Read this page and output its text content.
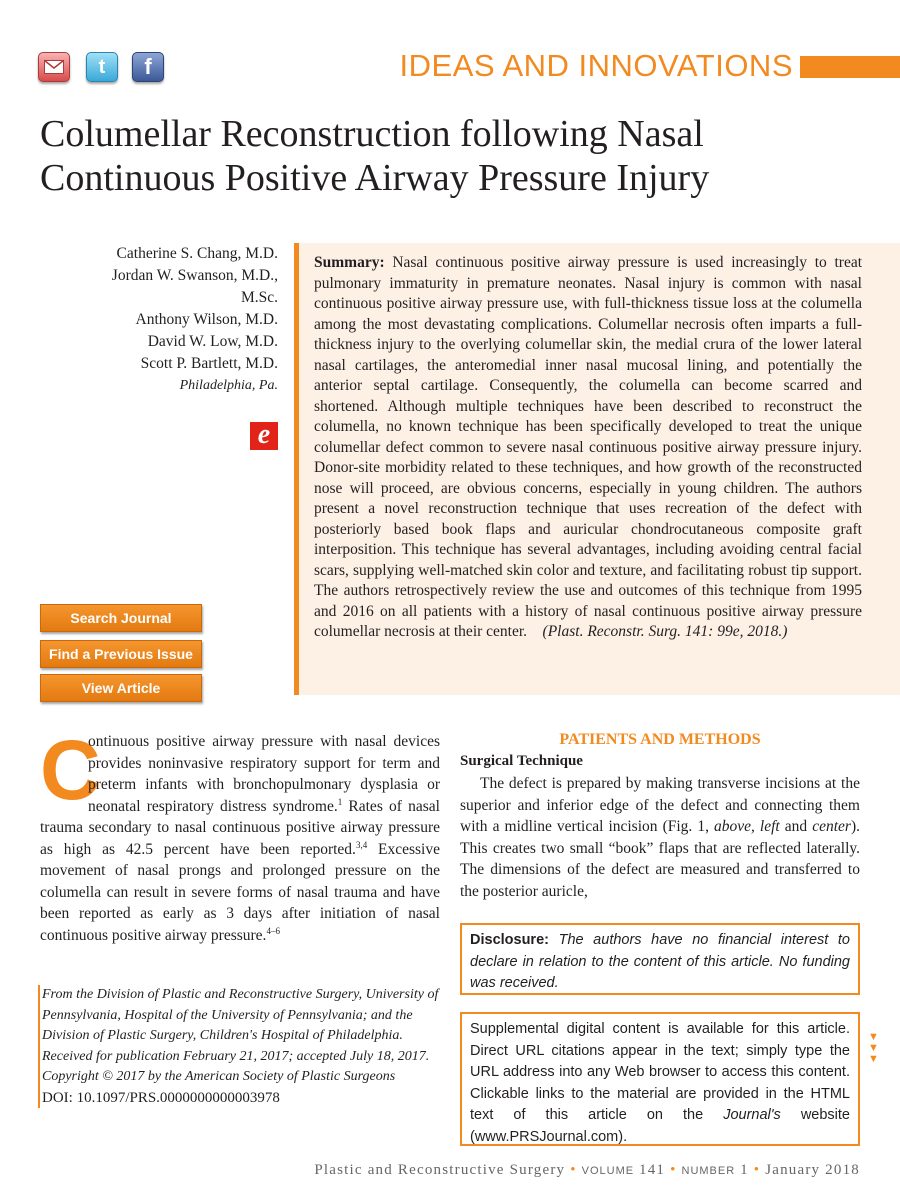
t f	IDEAS AND INNOVATIONS
Columellar Reconstruction following Nasal
Continuous Positive Airway Pressure Injury
Catherine S. Chang, M.D.
Jordan W. Swanson, M.D.,
M.Sc.
Anthony Wilson, M.D.
David W. Low, M.D.
Scott P. Bartlett, M.D.
Philadelphia, Pa.
e
Search Journal
Find a Previous Issue
View Article
Summary: Nasal continuous positive airway pressure is used increasingly to treat pulmonary immaturity in premature neonates. Nasal injury is common with nasal continuous positive airway pressure use, with full-thickness tissue loss at the columella among the most devastating complications. Columellar necrosis often imparts a full-thickness injury to the overlying columellar skin, the medial crura of the lower lateral nasal cartilages, the anteromedial inner nasal mucosal lining, and potentially the anterior septal cartilage. Consequently, the columella can become scarred and shortened. Although multiple techniques have been described to reconstruct the columella, no known technique has been specifically developed to treat the unique columellar defect common to severe nasal continuous positive airway pressure injury. Donor-site morbidity related to these techniques, and how growth of the reconstructed nose will proceed, are obvious concerns, especially in young children. The authors present a novel reconstruction technique that uses recreation of the defect with posteriorly based book flaps and auricular chondrocutaneous composite graft interposition. This technique has several advantages, including avoiding central facial scars, supplying well-matched skin color and texture, and facilitating robust tip support. The authors retrospectively review the use and outcomes of this technique from 1995 and 2016 on all patients with a history of nasal continuous positive airway pressure columellar necrosis at their center. (Plast. Reconstr. Surg. 141: 99e, 2018.)
C

ontinuous positive airway pressure with nasal devices provides noninvasive respiratory support for term and preterm infants with bronchopulmonary dysplasia or neonatal respiratory distress syndrome.$^1$ Rates of nasal trauma secondary to nasal continuous positive airway pressure as high as 42.5 percent have been reported.$^{3,4}$ Excessive movement of nasal prongs and prolonged pressure on the columella can result in severe forms of nasal trauma and have been reported as early as 3 days after initiation of nasal continuous positive airway pressure.$^{4-6}$

From the Division of Plastic and Reconstructive Surgery, University of Pennsylvania, Hospital of the University of Pennsylvania; and the Division of Plastic Surgery, Children's Hospital of Philadelphia.
Received for publication February 21, 2017; accepted July 18, 2017.
Copyright © 2017 by the American Society of Plastic Surgeons
DOI: 10.1097/PRS.0000000000003978
PATIENTS AND METHODS
Surgical Technique

The defect is prepared by making transverse incisions at the superior and inferior edge of the defect and connecting them with a midline vertical incision (Fig. 1, above, left and center). This creates two small “book” flaps that are reflected laterally. The dimensions of the defect are measured and transferred to the posterior auricle,

Disclosure: The authors have no financial interest to declare in relation to the content of this article. No funding was received.
Supplemental digital content is available for this article. Direct URL citations appear in the text; simply type the URL address into any Web browser to access this content. Clickable links to the material are provided in the HTML text of this article on the Journal's website (www.PRSJournal.com).
▼
▼
▼
Plastic and Reconstructive Surgery • VOLUME 141 • NUMBER 1 • January 2018
